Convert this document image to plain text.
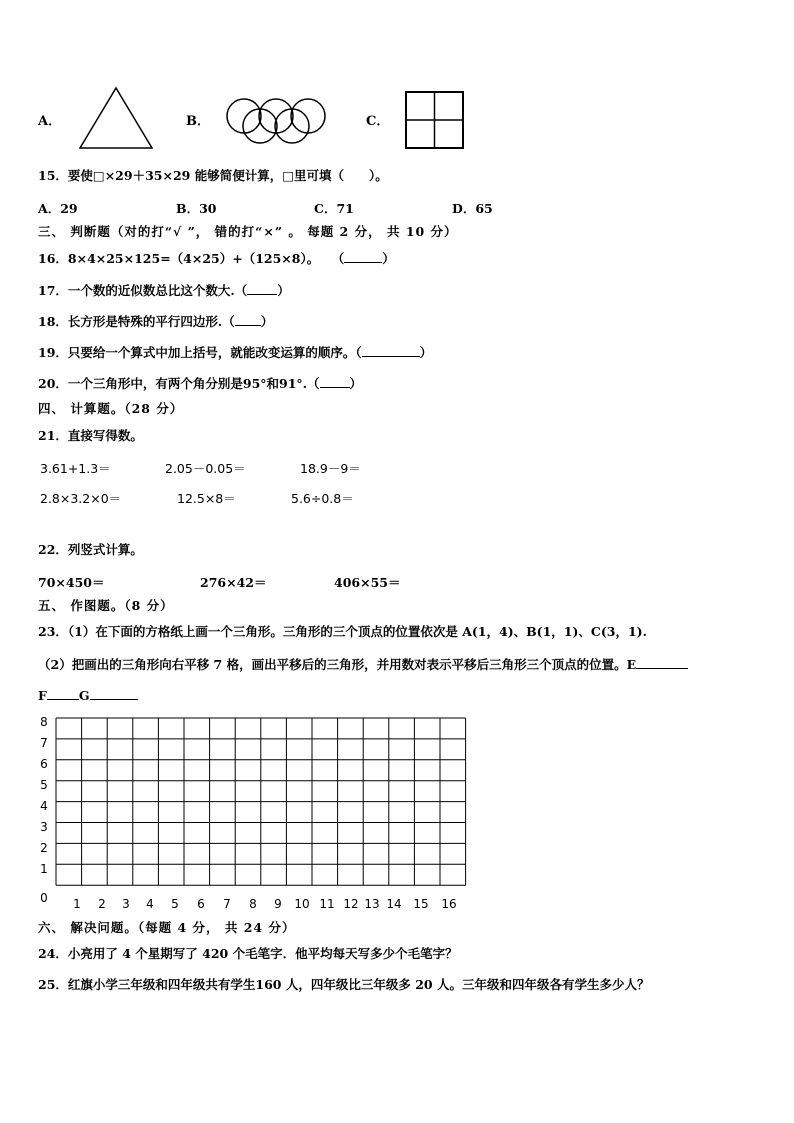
A．	B．	C．
15．要使□×29＋35×29 能够简便计算，□里可填（　　）。
A．29	B．30	C．71	D．65
三、 判断题（对的打“√ ”， 错的打“×” 。 每题 2 分， 共 10 分）
16．8×4×25×125=（4×25）+（125×8）。　　（	）
17．一个数的近似数总比这个数大.（ ）
18．长方形是特殊的平行四边形.（ ）
19．只要给一个算式中加上括号，就能改变运算的顺序。（	）
20．一个三角形中，有两个角分别是95°和91°.（ ）
四、 计算题。（28 分）
21．直接写得数。
3.61+1.3＝	2.05－0.05＝	18.9－9＝
2.8×3.2×0＝	12.5×8＝	5.6÷0.8＝
22．列竖式计算。
70×450＝	276×42＝	406×55＝
五、 作图题。（8 分）
23．（1）在下面的方格纸上画一个三角形。三角形的三个顶点的位置依次是 A(1，4)、B(1，1)、C(3，1).
（2）把画出的三角形向右平移 7 格，画出平移后的三角形，并用数对表示平移后三角形三个顶点的位置。E
F	G
8
7
6
5
4
3
2
1
0 1 2 3 4 5 6 7 8 9 10 11 12 13 14 15 16
六、 解决问题。（每题 4 分， 共 24 分）
24．小亮用了 4 个星期写了 420 个毛笔字．他平均每天写多少个毛笔字？
25．红旗小学三年级和四年级共有学生160 人，四年级比三年级多 20 人。三年级和四年级各有学生多少人？
